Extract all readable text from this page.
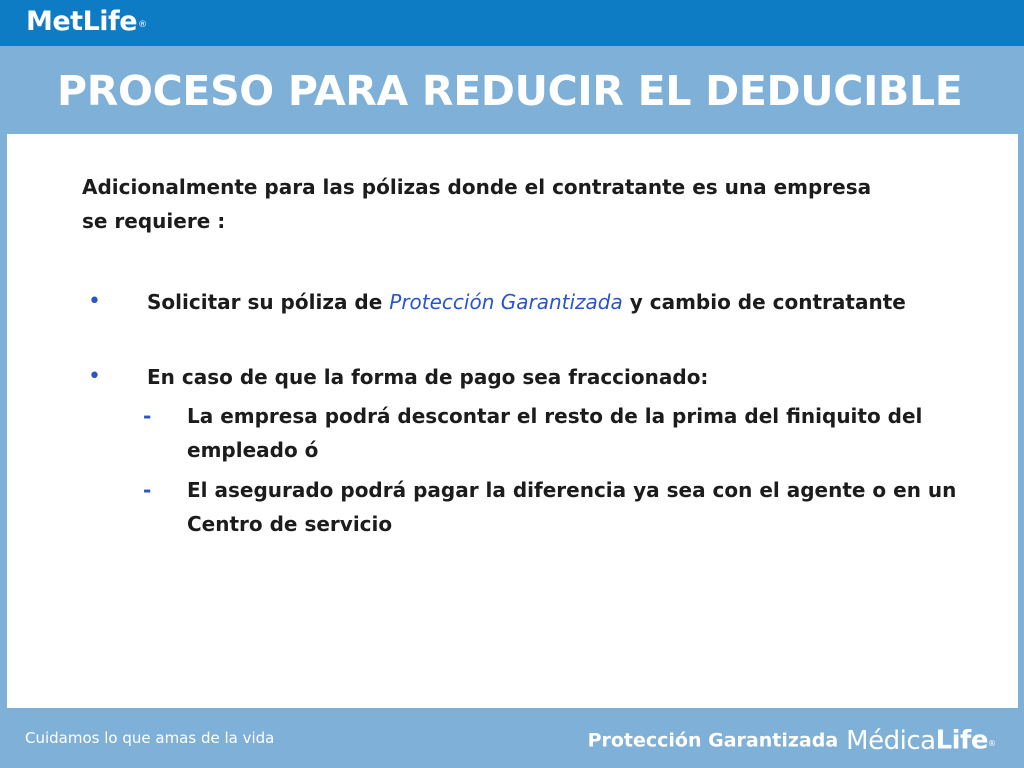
MetLife®
PROCESO PARA REDUCIR EL DEDUCIBLE

Adicionalmente para las pólizas donde el contratante es una empresa se requiere :

• Solicitar su póliza de Protección Garantizada y cambio de contratante
• En caso de que la forma de pago sea fraccionado:
- La empresa podrá descontar el resto de la prima del finiquito del empleado ó
- El asegurado podrá pagar la diferencia ya sea con el agente o en un Centro de servicio
Cuidamos lo que amas de la vida	Protección Garantizada MédicaLife®
